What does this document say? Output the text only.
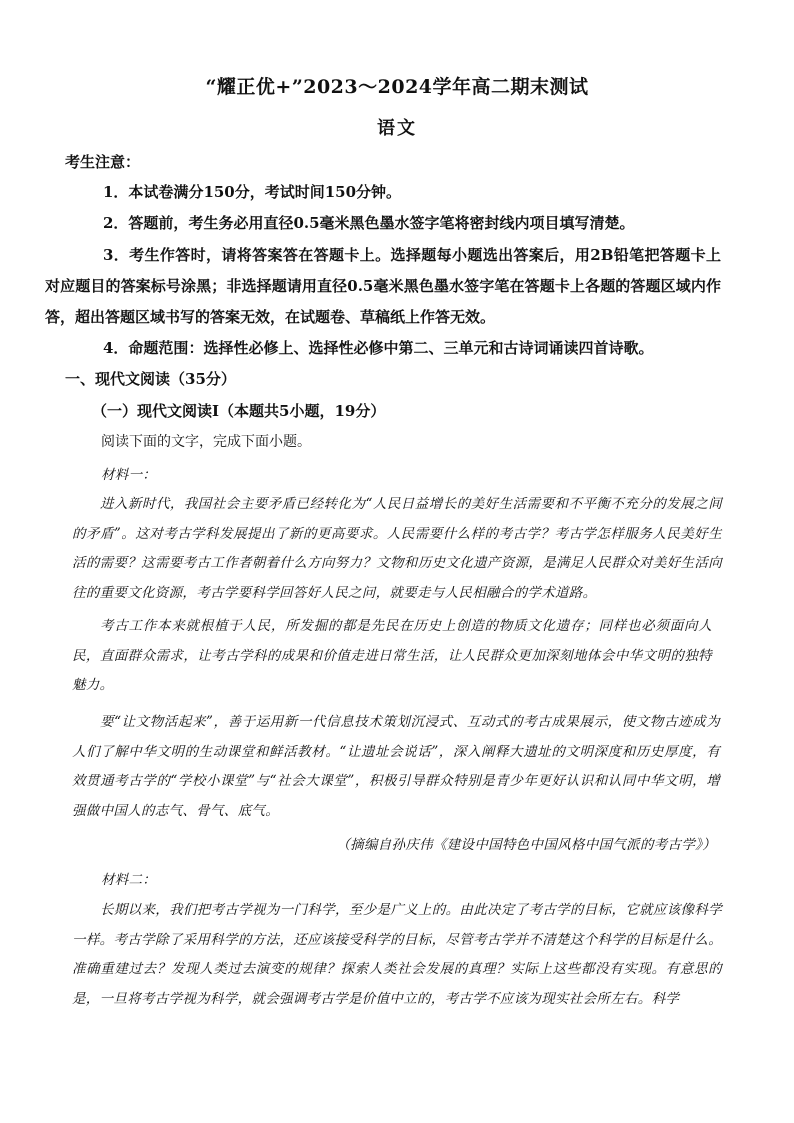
“耀正优+”2023～2024学年高二期末测试
语文
考生注意：
1．本试卷满分150分，考试时间150分钟。
2．答题前，考生务必用直径0.5毫米黑色墨水签字笔将密封线内项目填写清楚。
3．考生作答时，请将答案答在答题卡上。选择题每小题选出答案后，用2B铅笔把答题卡上对应题目的答案标号涂黑；非选择题请用直径0.5毫米黑色墨水签字笔在答题卡上各题的答题区域内作答，超出答题区域书写的答案无效，在试题卷、草稿纸上作答无效。
4．命题范围：选择性必修上、选择性必修中第二、三单元和古诗词诵读四首诗歌。
一、现代文阅读（35分）
（一）现代文阅读Ⅰ（本题共5小题，19分）
阅读下面的文字，完成下面小题。
材料一：
进入新时代，我国社会主要矛盾已经转化为“人民日益增长的美好生活需要和不平衡不充分的发展之间的矛盾”。这对考古学科发展提出了新的更高要求。人民需要什么样的考古学？考古学怎样服务人民美好生活的需要？这需要考古工作者朝着什么方向努力？文物和历史文化遗产资源，是满足人民群众对美好生活向往的重要文化资源，考古学要科学回答好人民之问，就要走与人民相融合的学术道路。
考古工作本来就根植于人民，所发掘的都是先民在历史上创造的物质文化遗存；同样也必须面向人民，直面群众需求，让考古学科的成果和价值走进日常生活，让人民群众更加深刻地体会中华文明的独特魅力。
要“让文物活起来”，善于运用新一代信息技术策划沉浸式、互动式的考古成果展示，使文物古迹成为人们了解中华文明的生动课堂和鲜活教材。“让遗址会说话”，深入阐释大遗址的文明深度和历史厚度，有效贯通考古学的“学校小课堂”与“社会大课堂”，积极引导群众特别是青少年更好认识和认同中华文明，增强做中国人的志气、骨气、底气。
（摘编自孙庆伟《建设中国特色中国风格中国气派的考古学》）
材料二：
长期以来，我们把考古学视为一门科学，至少是广义上的。由此决定了考古学的目标，它就应该像科学一样。考古学除了采用科学的方法，还应该接受科学的目标，尽管考古学并不清楚这个科学的目标是什么。准确重建过去？发现人类过去演变的规律？探索人类社会发展的真理？实际上这些都没有实现。有意思的是，一旦将考古学视为科学，就会强调考古学是价值中立的，考古学不应该为现实社会所左右。科学
